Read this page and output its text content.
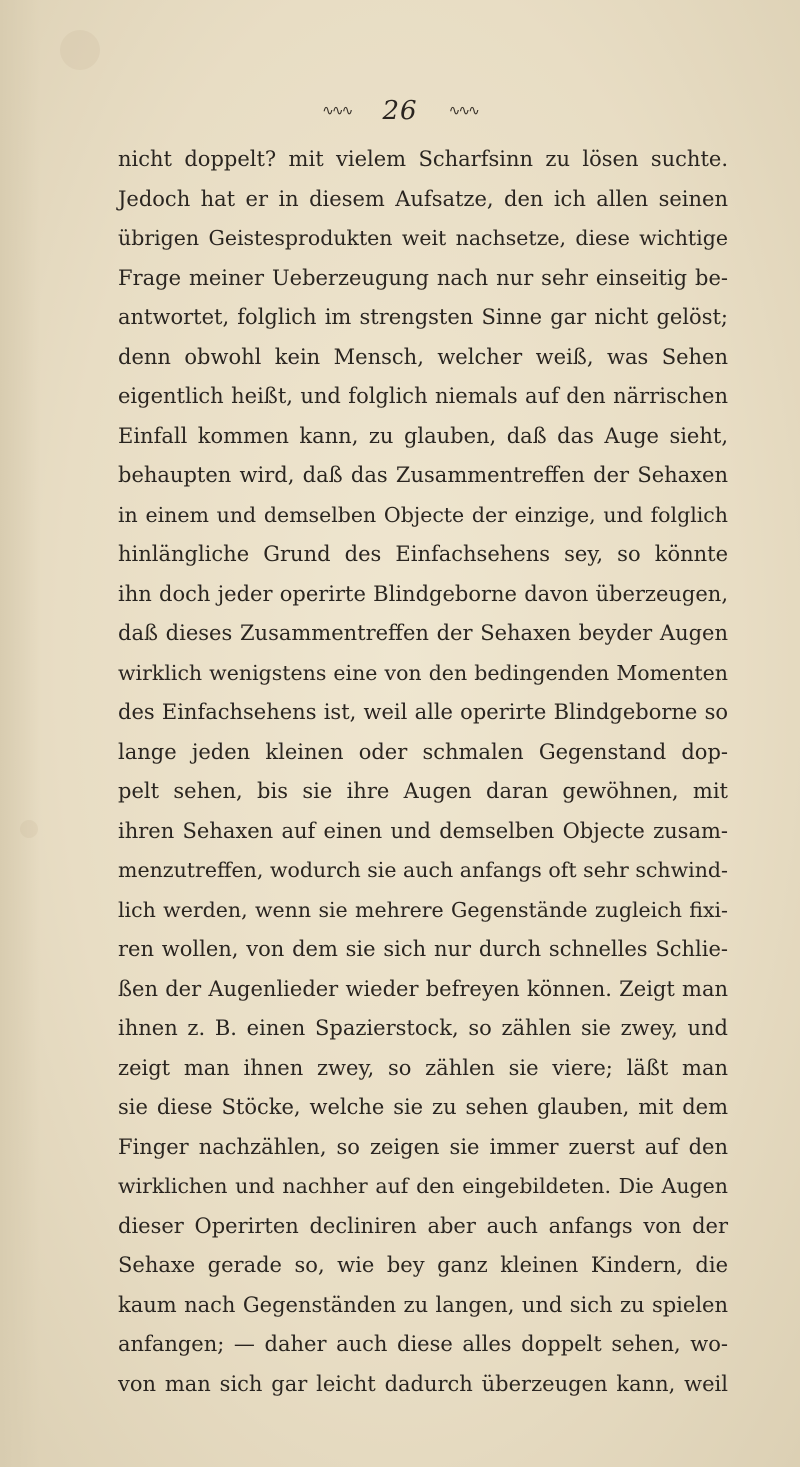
∿∿∿ 26 ∿∿∿
nicht doppelt? mit vielem Scharfsinn zu lösen suchte.
Jedoch hat er in diesem Aufsatze, den ich allen seinen
übrigen Geistesprodukten weit nachsetze, diese wichtige
Frage meiner Ueberzeugung nach nur sehr einseitig be-
antwortet, folglich im strengsten Sinne gar nicht gelöst;
denn obwohl kein Mensch, welcher weiß, was Sehen
eigentlich heißt, und folglich niemals auf den närrischen
Einfall kommen kann, zu glauben, daß das Auge sieht,
behaupten wird, daß das Zusammentreffen der Sehaxen
in einem und demselben Objecte der einzige, und folglich
hinlängliche Grund des Einfachsehens sey, so könnte
ihn doch jeder operirte Blindgeborne davon überzeugen,
daß dieses Zusammentreffen der Sehaxen beyder Augen
wirklich wenigstens eine von den bedingenden Momenten
des Einfachsehens ist, weil alle operirte Blindgeborne so
lange jeden kleinen oder schmalen Gegenstand dop-
pelt sehen, bis sie ihre Augen daran gewöhnen, mit
ihren Sehaxen auf einen und demselben Objecte zusam-
menzutreffen, wodurch sie auch anfangs oft sehr schwind-
lich werden, wenn sie mehrere Gegenstände zugleich fixi-
ren wollen, von dem sie sich nur durch schnelles Schlie-
ßen der Augenlieder wieder befreyen können. Zeigt man
ihnen z. B. einen Spazierstock, so zählen sie zwey, und
zeigt man ihnen zwey, so zählen sie viere; läßt man
sie diese Stöcke, welche sie zu sehen glauben, mit dem
Finger nachzählen, so zeigen sie immer zuerst auf den
wirklichen und nachher auf den eingebildeten. Die Augen
dieser Operirten decliniren aber auch anfangs von der
Sehaxe gerade so, wie bey ganz kleinen Kindern, die
kaum nach Gegenständen zu langen, und sich zu spielen
anfangen; — daher auch diese alles doppelt sehen, wo-
von man sich gar leicht dadurch überzeugen kann, weil
